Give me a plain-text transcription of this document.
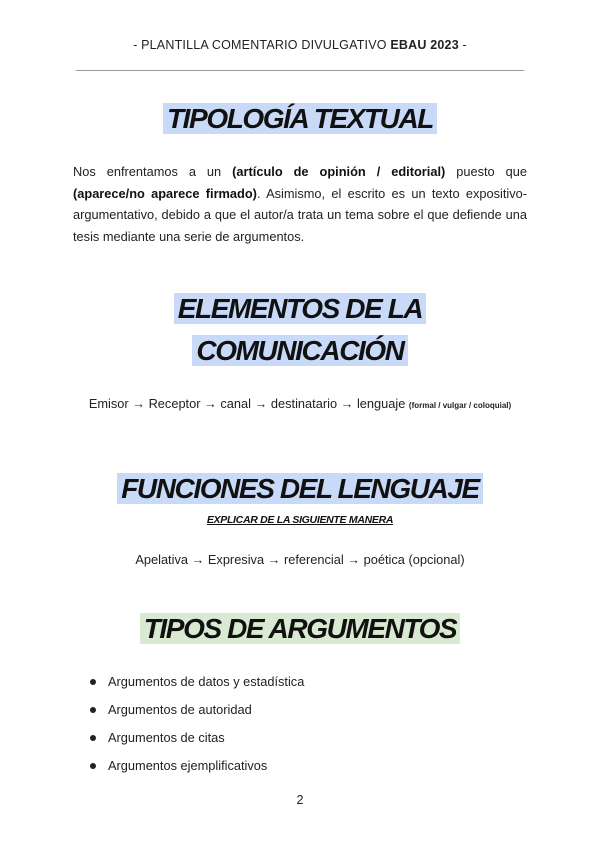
- PLANTILLA COMENTARIO DIVULGATIVO EBAU 2023 -
TIPOLOGÍA TEXTUAL
Nos enfrentamos a un (artículo de opinión / editorial) puesto que (aparece/no aparece firmado). Asimismo, el escrito es un texto expositivo-argumentativo, debido a que el autor/a trata un tema sobre el que defiende una tesis mediante una serie de argumentos.
ELEMENTOS DE LA
COMUNICACIÓN
Emisor → Receptor → canal → destinatario → lenguaje (formal / vulgar / coloquial)
FUNCIONES DEL LENGUAJE
EXPLICAR DE LA SIGUIENTE MANERA
Apelativa → Expresiva → referencial → poética (opcional)
TIPOS DE ARGUMENTOS
Argumentos de datos y estadística
Argumentos de autoridad
Argumentos de citas
Argumentos ejemplificativos
2
